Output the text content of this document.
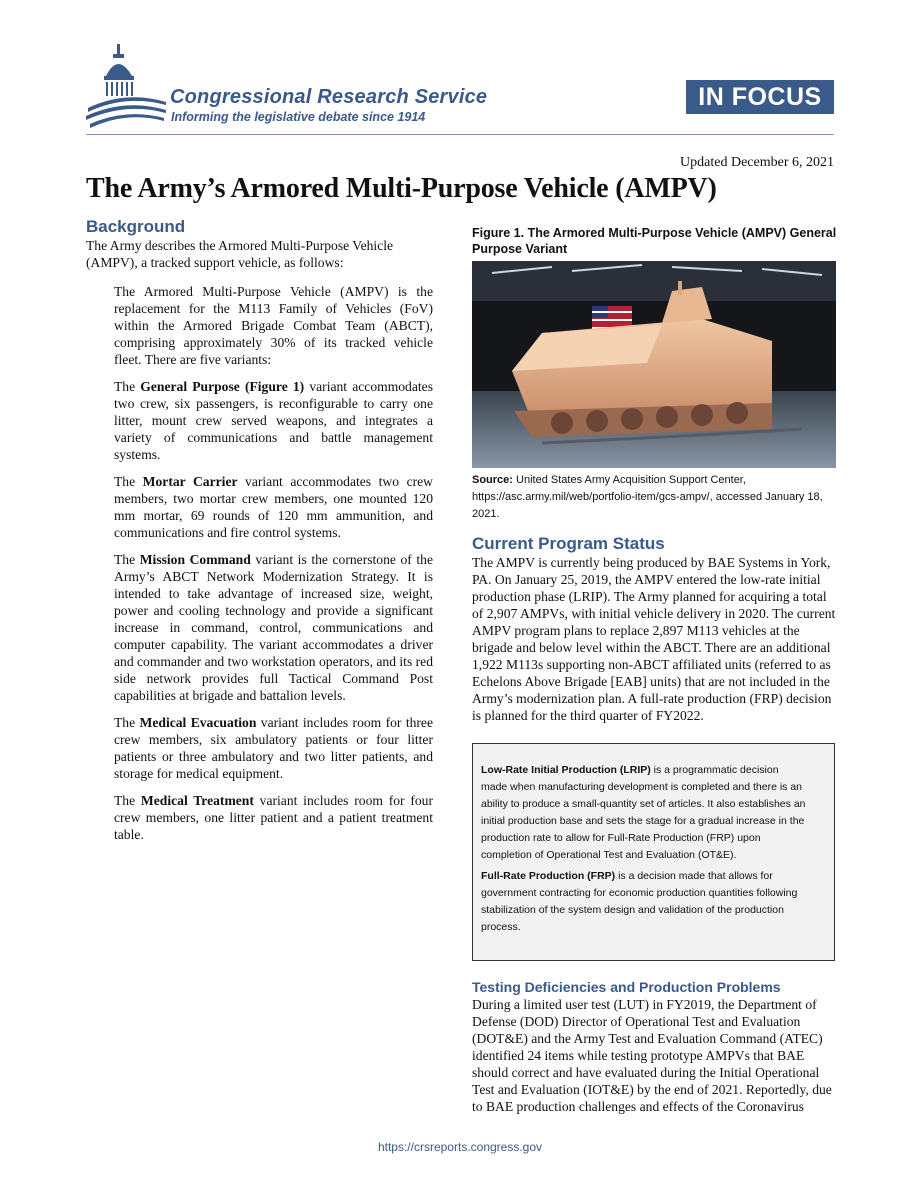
Congressional Research Service
Informing the legislative debate since 1914
IN FOCUS
Updated December 6, 2021
The Army’s Armored Multi-Purpose Vehicle (AMPV)
Background

The Army describes the Armored Multi-Purpose Vehicle (AMPV), a tracked support vehicle, as follows:

The Armored Multi-Purpose Vehicle (AMPV) is the replacement for the M113 Family of Vehicles (FoV) within the Armored Brigade Combat Team (ABCT), comprising approximately 30% of its tracked vehicle fleet. There are five variants:

The General Purpose (Figure 1) variant accommodates two crew, six passengers, is reconfigurable to carry one litter, mount crew served weapons, and integrates a variety of communications and battle management systems.

The Mortar Carrier variant accommodates two crew members, two mortar crew members, one mounted 120 mm mortar, 69 rounds of 120 mm ammunition, and communications and fire control systems.

The Mission Command variant is the cornerstone of the Army’s ABCT Network Modernization Strategy. It is intended to take advantage of increased size, weight, power and cooling technology and provide a significant increase in command, control, communications and computer capability. The variant accommodates a driver and commander and two workstation operators, and its red side network provides full Tactical Command Post capabilities at brigade and battalion levels.

The Medical Evacuation variant includes room for three crew members, six ambulatory patients or four litter patients or three ambulatory and two litter patients, and storage for medical equipment.

The Medical Treatment variant includes room for four crew members, one litter patient and a patient treatment table.

Figure 1. The Armored Multi-Purpose Vehicle (AMPV) General Purpose Variant

Source: United States Army Acquisition Support Center, https://asc.army.mil/web/portfolio-item/gcs-ampv/, accessed January 18, 2021.

Current Program Status

The AMPV is currently being produced by BAE Systems in York, PA. On January 25, 2019, the AMPV entered the low-rate initial production phase (LRIP). The Army planned for acquiring a total of 2,907 AMPVs, with initial vehicle delivery in 2020. The current AMPV program plans to replace 2,897 M113 vehicles at the brigade and below level within the ABCT. There are an additional 1,922 M113s supporting non-ABCT affiliated units (referred to as Echelons Above Brigade [EAB] units) that are not included in the Army’s modernization plan. A full-rate production (FRP) decision is planned for the third quarter of FY2022.

Low-Rate Initial Production (LRIP) is a programmatic decision made when manufacturing development is completed and there is an ability to produce a small-quantity set of articles. It also establishes an initial production base and sets the stage for a gradual increase in the production rate to allow for Full-Rate Production (FRP) upon completion of Operational Test and Evaluation (OT&E).

Full-Rate Production (FRP) is a decision made that allows for government contracting for economic production quantities following stabilization of the system design and validation of the production process.

Testing Deficiencies and Production Problems

During a limited user test (LUT) in FY2019, the Department of Defense (DOD) Director of Operational Test and Evaluation (DOT&E) and the Army Test and Evaluation Command (ATEC) identified 24 items while testing prototype AMPVs that BAE should correct and have evaluated during the Initial Operational Test and Evaluation (IOT&E) by the end of 2021. Reportedly, due to BAE production challenges and effects of the Coronavirus

https://crsreports.congress.gov
